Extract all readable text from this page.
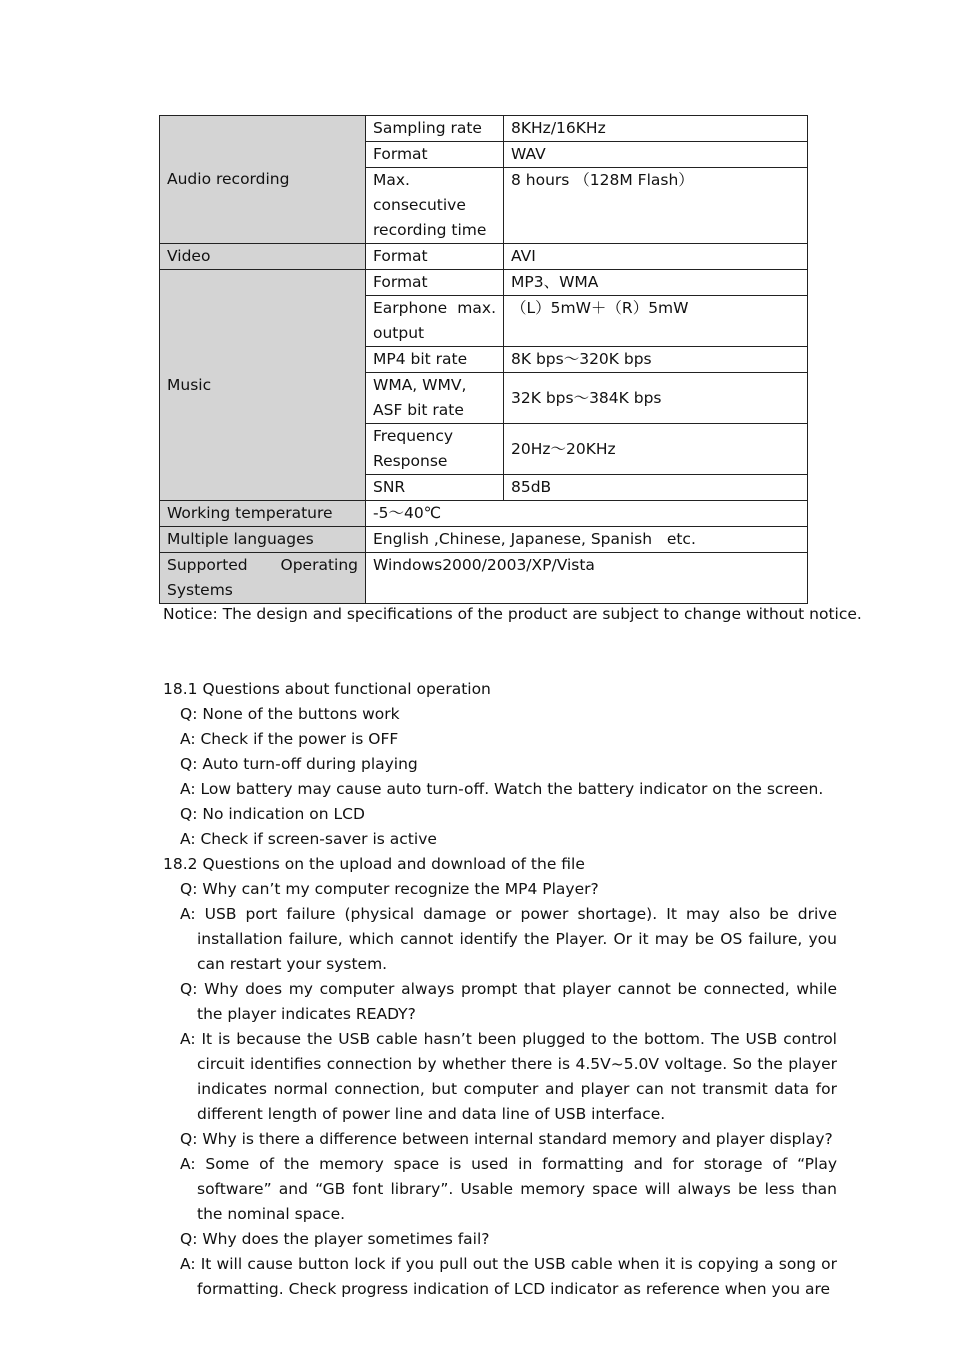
Audio recording	Sampling rate	8KHz/16KHz
	Format	WAV
	Max. consecutive recording time	8 hours （128M Flash）
Video	Format	AVI
Music	Format	MP3、WMA
	Earphone max. output	（L）5mW＋（R）5mW
	MP4 bit rate	8K bps～320K bps
	WMA, WMV, ASF bit rate	32K bps～384K bps
	Frequency Response	20Hz～20KHz
	SNR	85dB
Working temperature	-5～40℃	
Multiple languages	English ,Chinese, Japanese, Spanish   etc.	
Supported Operating Systems	Windows2000/2003/XP/Vista	
Notice: The design and specifications of the product are subject to change without notice.

18.1 Questions about functional operation

Q: None of the buttons work

A: Check if the power is OFF

Q: Auto turn-off during playing

A: Low battery may cause auto turn-off. Watch the battery indicator on the screen.

Q: No indication on LCD

A: Check if screen-saver is active

18.2 Questions on the upload and download of the file

Q: Why can’t my computer recognize the MP4 Player?

A: USB port failure (physical damage or power shortage). It may also be drive installation failure, which cannot identify the Player. Or it may be OS failure, you can restart your system.

Q: Why does my computer always prompt that player cannot be connected, while the player indicates READY?

A: It is because the USB cable hasn’t been plugged to the bottom. The USB control circuit identifies connection by whether there is 4.5V~5.0V voltage. So the player indicates normal connection, but computer and player can not transmit data for different length of power line and data line of USB interface.

Q: Why is there a difference between internal standard memory and player display?

A: Some of the memory space is used in formatting and for storage of “Play software” and “GB font library”. Usable memory space will always be less than the nominal space.

Q: Why does the player sometimes fail?

A: It will cause button lock if you pull out the USB cable when it is copying a song or formatting. Check progress indication of LCD indicator as reference when you are
